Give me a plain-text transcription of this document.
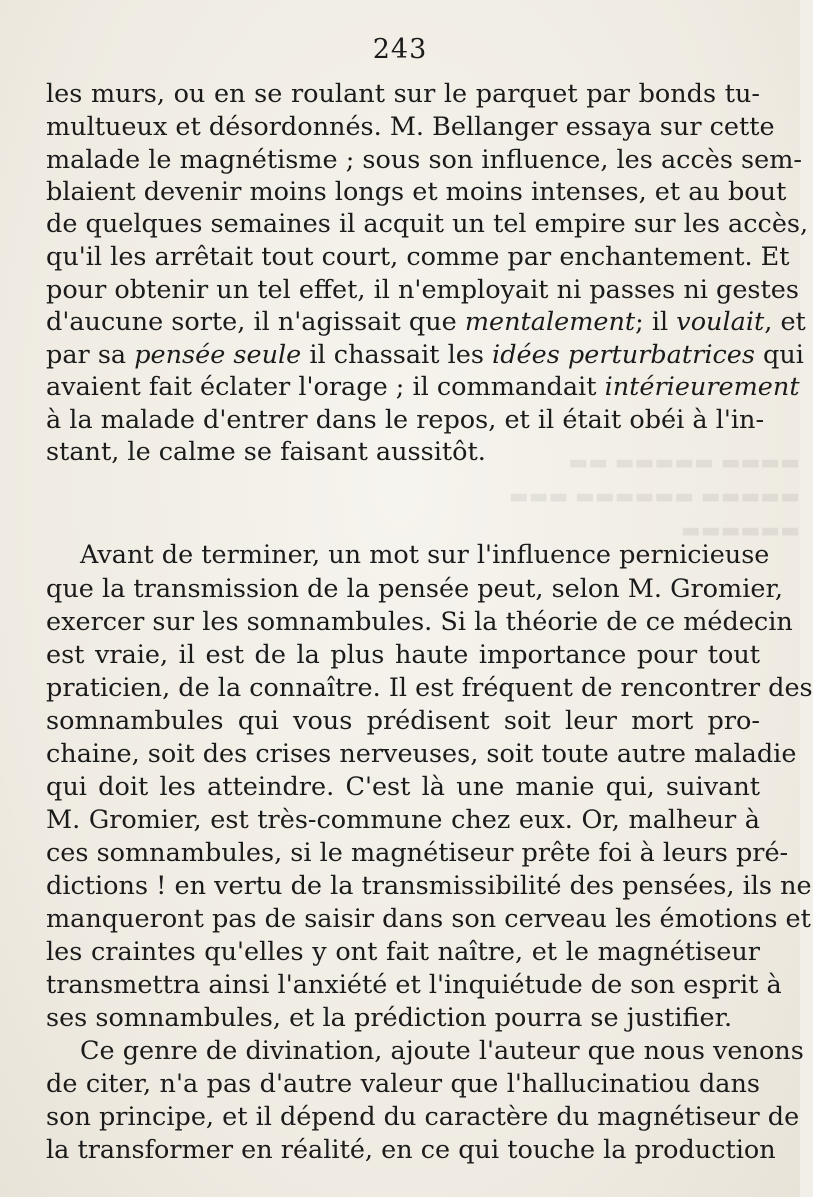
243
▬▬▬▬ ▬▬▬▬▬ ▬▬
▬▬▬▬▬ ▬▬▬▬▬▬ ▬▬▬
▬▬▬▬▬▬
les murs, ou en se roulant sur le parquet par bonds tu-
multueux et désordonnés. M. Bellanger essaya sur cette
malade le magnétisme ; sous son influence, les accès sem-
blaient devenir moins longs et moins intenses, et au bout
de quelques semaines il acquit un tel empire sur les accès,
qu'il les arrêtait tout court, comme par enchantement. Et
pour obtenir un tel effet, il n'employait ni passes ni gestes
d'aucune sorte, il n'agissait que mentalement; il voulait, et
par sa pensée seule il chassait les idées perturbatrices qui
avaient fait éclater l'orage ; il commandait intérieurement
à la malade d'entrer dans le repos, et il était obéi à l'in-
stant, le calme se faisant aussitôt.
Avant de terminer, un mot sur l'influence pernicieuse
que la transmission de la pensée peut, selon M. Gromier,
exercer sur les somnambules. Si la théorie de ce médecin
est vraie, il est de la plus haute importance pour tout
praticien, de la connaître. Il est fréquent de rencontrer des
somnambules qui vous prédisent soit leur mort pro-
chaine, soit des crises nerveuses, soit toute autre maladie
qui doit les atteindre. C'est là une manie qui, suivant
M. Gromier, est très-commune chez eux. Or, malheur à
ces somnambules, si le magnétiseur prête foi à leurs pré-
dictions ! en vertu de la transmissibilité des pensées, ils ne
manqueront pas de saisir dans son cerveau les émotions et
les craintes qu'elles y ont fait naître, et le magnétiseur
transmettra ainsi l'anxiété et l'inquiétude de son esprit à
ses somnambules, et la prédiction pourra se justifier.
Ce genre de divination, ajoute l'auteur que nous venons
de citer, n'a pas d'autre valeur que l'hallucinatiou dans
son principe, et il dépend du caractère du magnétiseur de
la transformer en réalité, en ce qui touche la production
